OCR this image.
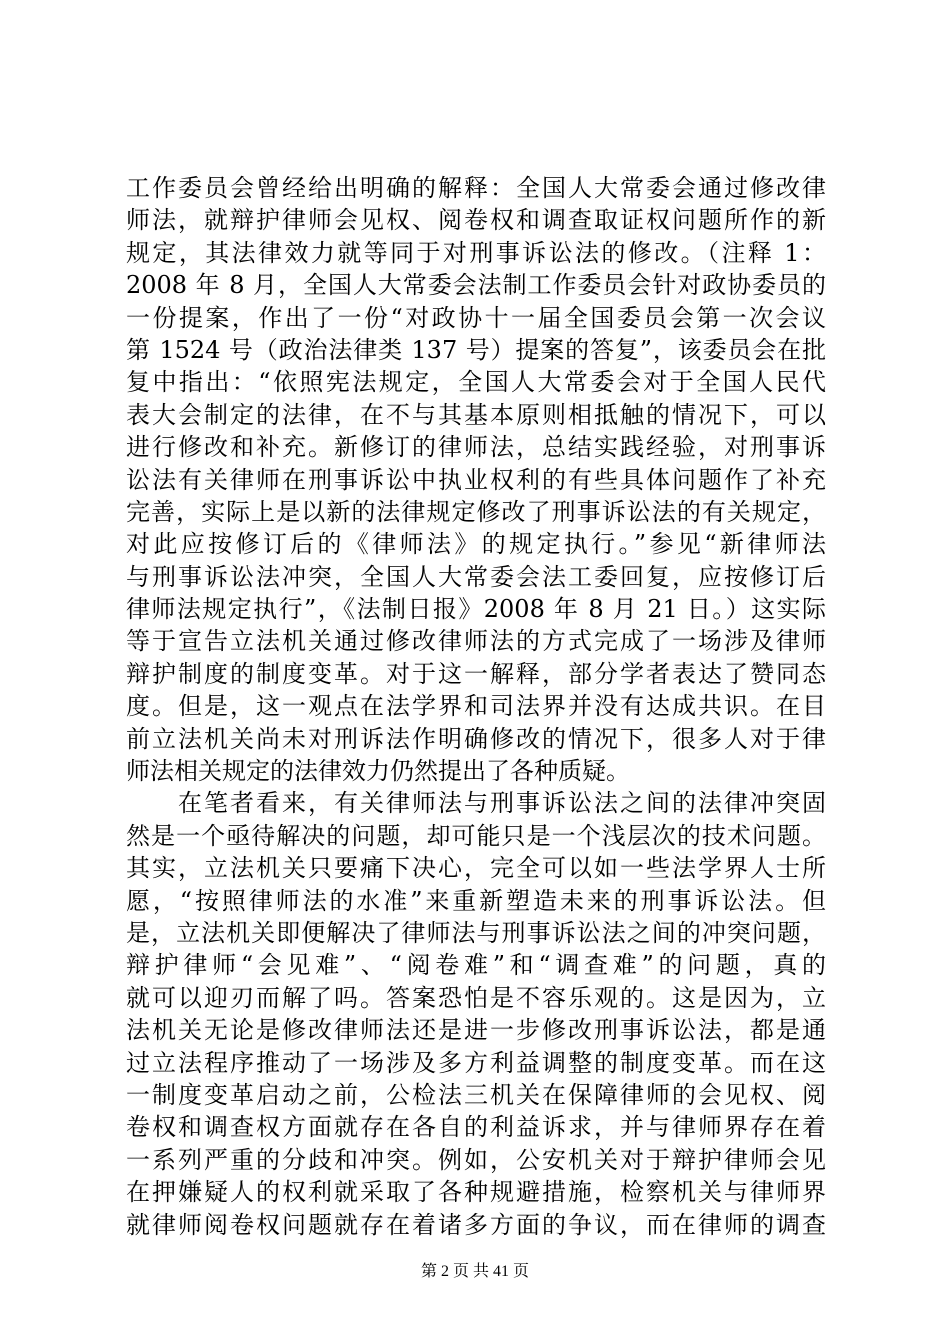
工作委员会曾经给出明确的解释：全国人大常委会通过修改律
师法，就辩护律师会见权、阅卷权和调查取证权问题所作的新
规定，其法律效力就等同于对刑事诉讼法的修改。（注释 1：
2008 年 8 月，全国人大常委会法制工作委员会针对政协委员的
一份提案，作出了一份“对政协十一届全国委员会第一次会议
第 1524 号（政治法律类 137 号）提案的答复”，该委员会在批
复中指出：“依照宪法规定，全国人大常委会对于全国人民代
表大会制定的法律，在不与其基本原则相抵触的情况下，可以
进行修改和补充。新修订的律师法，总结实践经验，对刑事诉
讼法有关律师在刑事诉讼中执业权利的有些具体问题作了补充
完善，实际上是以新的法律规定修改了刑事诉讼法的有关规定，
对此应按修订后的《律师法》的规定执行。”参见“新律师法
与刑事诉讼法冲突，全国人大常委会法工委回复，应按修订后
律师法规定执行”，《法制日报》2008 年 8 月 21 日。）这实际
等于宣告立法机关通过修改律师法的方式完成了一场涉及律师
辩护制度的制度变革。对于这一解释，部分学者表达了赞同态
度。但是，这一观点在法学界和司法界并没有达成共识。在目
前立法机关尚未对刑诉法作明确修改的情况下，很多人对于律
师法相关规定的法律效力仍然提出了各种质疑。
　　在笔者看来，有关律师法与刑事诉讼法之间的法律冲突固
然是一个亟待解决的问题，却可能只是一个浅层次的技术问题。
其实，立法机关只要痛下决心，完全可以如一些法学界人士所
愿，“按照律师法的水准”来重新塑造未来的刑事诉讼法。但
是，立法机关即便解决了律师法与刑事诉讼法之间的冲突问题，
辩护律师“会见难”、“阅卷难”和“调查难”的问题，真的
就可以迎刃而解了吗。答案恐怕是不容乐观的。这是因为，立
法机关无论是修改律师法还是进一步修改刑事诉讼法，都是通
过立法程序推动了一场涉及多方利益调整的制度变革。而在这
一制度变革启动之前，公检法三机关在保障律师的会见权、阅
卷权和调查权方面就存在各自的利益诉求，并与律师界存在着
一系列严重的分歧和冲突。例如，公安机关对于辩护律师会见
在押嫌疑人的权利就采取了各种规避措施，检察机关与律师界
就律师阅卷权问题就存在着诸多方面的争议，而在律师的调查
第 2 页 共 41 页
